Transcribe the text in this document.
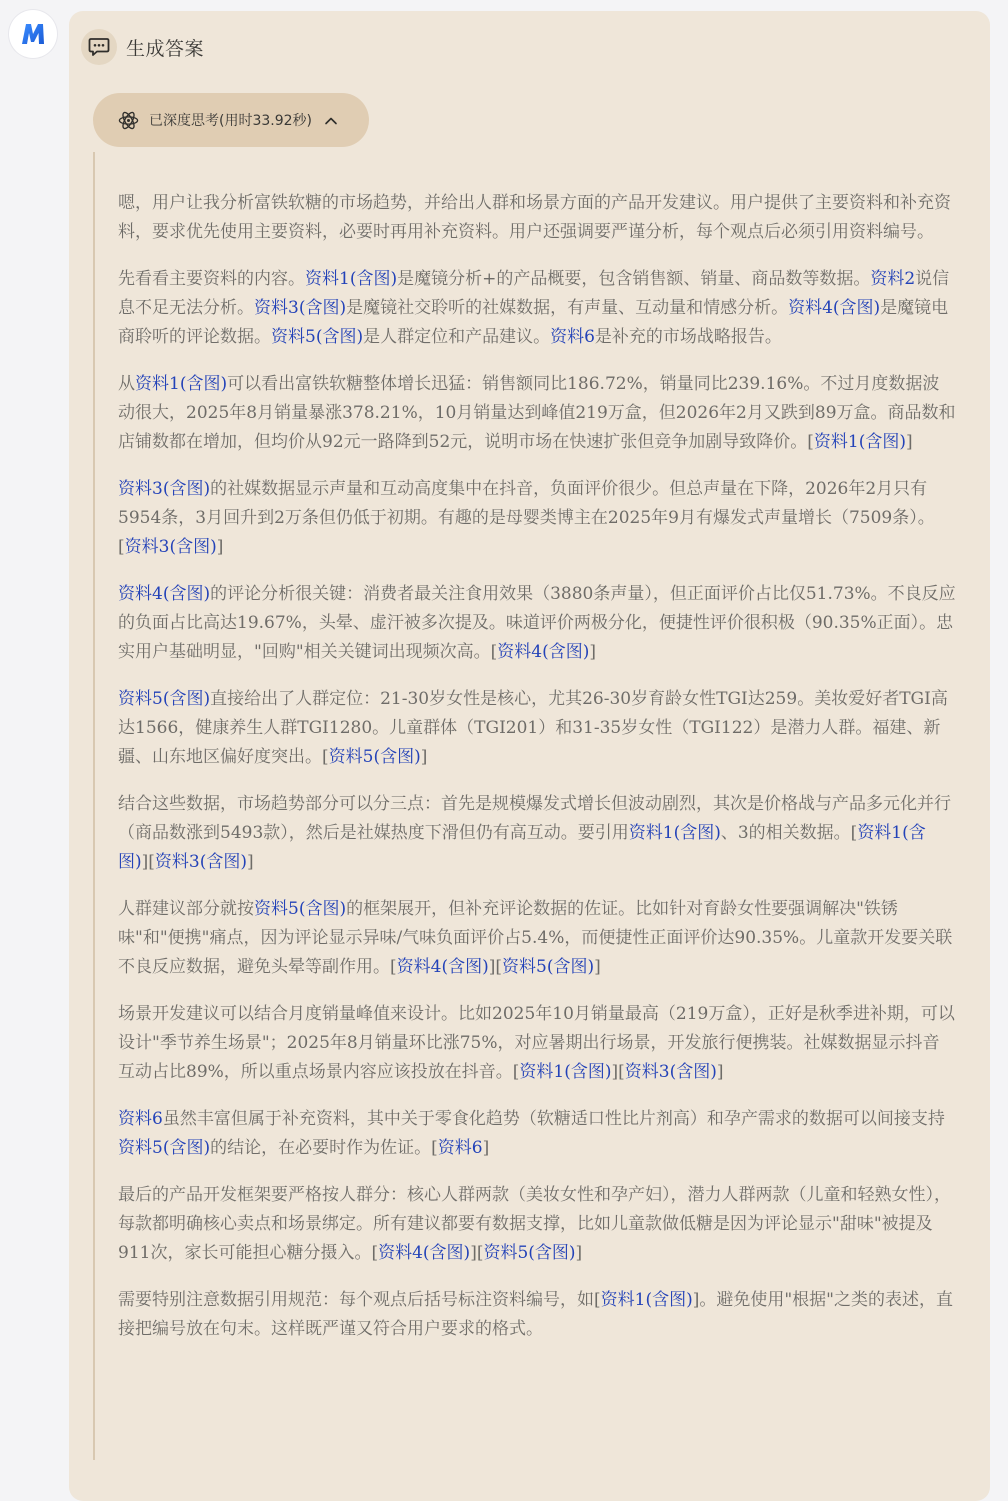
生成答案
已深度思考(用时33.92秒)

嗯，用户让我分析富铁软糖的市场趋势，并给出人群和场景方面的产品开发建议。用户提供了主要资料和补充资料，要求优先使用主要资料，必要时再用补充资料。用户还强调要严谨分析，每个观点后必须引用资料编号。

先看看主要资料的内容。资料1(含图)是魔镜分析+的产品概要，包含销售额、销量、商品数等数据。资料2说信息不足无法分析。资料3(含图)是魔镜社交聆听的社媒数据，有声量、互动量和情感分析。资料4(含图)是魔镜电商聆听的评论数据。资料5(含图)是人群定位和产品建议。资料6是补充的市场战略报告。

从资料1(含图)可以看出富铁软糖整体增长迅猛：销售额同比186.72%，销量同比239.16%。不过月度数据波动很大，2025年8月销量暴涨378.21%，10月销量达到峰值219万盒，但2026年2月又跌到89万盒。商品数和店铺数都在增加，但均价从92元一路降到52元，说明市场在快速扩张但竞争加剧导致降价。[资料1(含图)]

资料3(含图)的社媒数据显示声量和互动高度集中在抖音，负面评价很少。但总声量在下降，2026年2月只有5954条，3月回升到2万条但仍低于初期。有趣的是母婴类博主在2025年9月有爆发式声量增长（7509条）。[资料3(含图)]

资料4(含图)的评论分析很关键：消费者最关注食用效果（3880条声量），但正面评价占比仅51.73%。不良反应的负面占比高达19.67%，头晕、虚汗被多次提及。味道评价两极分化，便捷性评价很积极（90.35%正面）。忠实用户基础明显，"回购"相关关键词出现频次高。[资料4(含图)]

资料5(含图)直接给出了人群定位：21-30岁女性是核心，尤其26-30岁育龄女性TGI达259。美妆爱好者TGI高达1566，健康养生人群TGI1280。儿童群体（TGI201）和31-35岁女性（TGI122）是潜力人群。福建、新疆、山东地区偏好度突出。[资料5(含图)]

结合这些数据，市场趋势部分可以分三点：首先是规模爆发式增长但波动剧烈，其次是价格战与产品多元化并行（商品数涨到5493款），然后是社媒热度下滑但仍有高互动。要引用资料1(含图)、3的相关数据。[资料1(含图)][资料3(含图)]

人群建议部分就按资料5(含图)的框架展开，但补充评论数据的佐证。比如针对育龄女性要强调解决"铁锈味"和"便携"痛点，因为评论显示异味/气味负面评价占5.4%，而便捷性正面评价达90.35%。儿童款开发要关联不良反应数据，避免头晕等副作用。[资料4(含图)][资料5(含图)]

场景开发建议可以结合月度销量峰值来设计。比如2025年10月销量最高（219万盒），正好是秋季进补期，可以设计"季节养生场景"；2025年8月销量环比涨75%，对应暑期出行场景，开发旅行便携装。社媒数据显示抖音互动占比89%，所以重点场景内容应该投放在抖音。[资料1(含图)][资料3(含图)]

资料6虽然丰富但属于补充资料，其中关于零食化趋势（软糖适口性比片剂高）和孕产需求的数据可以间接支持资料5(含图)的结论，在必要时作为佐证。[资料6]

最后的产品开发框架要严格按人群分：核心人群两款（美妆女性和孕产妇），潜力人群两款（儿童和轻熟女性），每款都明确核心卖点和场景绑定。所有建议都要有数据支撑，比如儿童款做低糖是因为评论显示"甜味"被提及911次，家长可能担心糖分摄入。[资料4(含图)][资料5(含图)]

需要特别注意数据引用规范：每个观点后括号标注资料编号，如[资料1(含图)]。避免使用"根据"之类的表述，直接把编号放在句末。这样既严谨又符合用户要求的格式。
